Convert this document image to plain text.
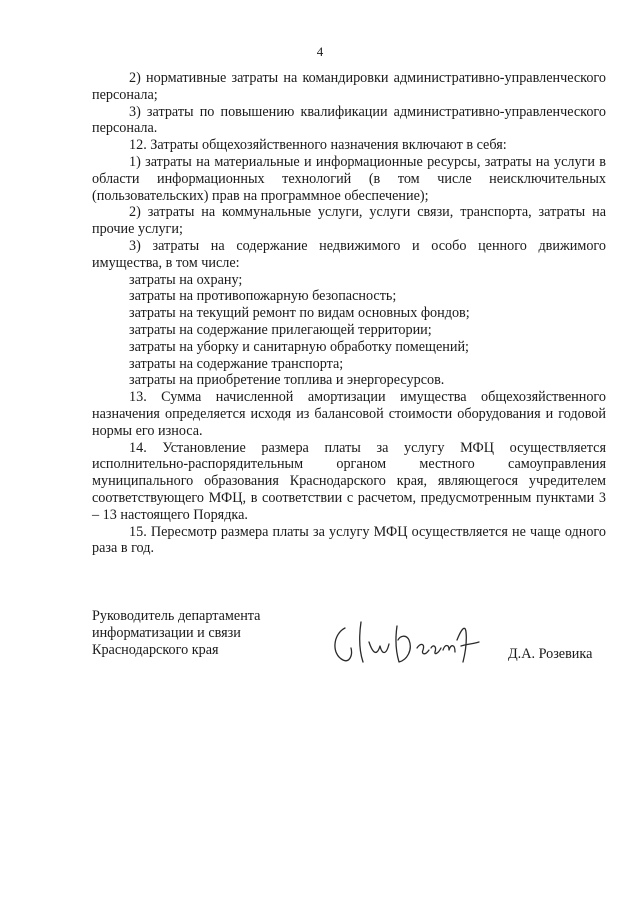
4

2) нормативные затраты на командировки административно-управленческого персонала;

3) затраты по повышению квалификации административно-управленческого персонала.

12. Затраты общехозяйственного назначения включают в себя:

1) затраты на материальные и информационные ресурсы, затраты на услуги в области информационных технологий (в том числе неисключительных (пользовательских) прав на программное обеспечение);

2) затраты на коммунальные услуги, услуги связи, транспорта, затраты на прочие услуги;

3) затраты на содержание недвижимого и особо ценного движимого имущества, в том числе:

затраты на охрану;

затраты на противопожарную безопасность;

затраты на текущий ремонт по видам основных фондов;

затраты на содержание прилегающей территории;

затраты на уборку и санитарную обработку помещений;

затраты на содержание транспорта;

затраты на приобретение топлива и энергоресурсов.

13. Сумма начисленной амортизации имущества общехозяйственного назначения определяется исходя из балансовой стоимости оборудования и годовой нормы его износа.

14. Установление размера платы за услугу МФЦ осуществляется исполнительно-распорядительным органом местного самоуправления муниципального образования Краснодарского края, являющегося учредителем соответствующего МФЦ, в соответствии с расчетом, предусмотренным пунктами 3 – 13 настоящего Порядка.

15. Пересмотр размера платы за услугу МФЦ осуществляется не чаще одного раза в год.

Руководитель департамента
информатизации и связи
Краснодарского края	Д.А. Розевика
